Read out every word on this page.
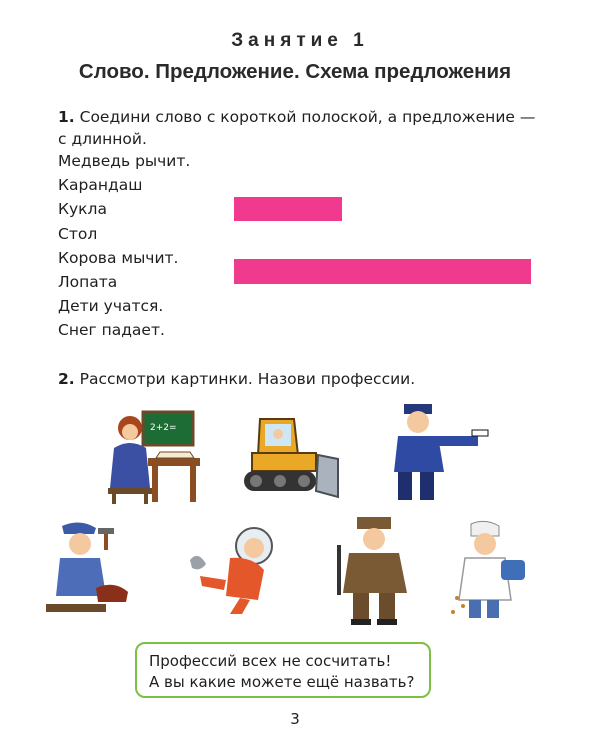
Занятие 1
Слово. Предложение. Схема предложения
1. Соедини слово с короткой полоской, а предложение — с длинной.
Медведь рычит.
Карандаш
Кукла
Стол
Корова мычит.
Лопата
Дети учатся.
Снег падает.
2. Рассмотри картинки. Назови профессии.
2+2=
Профессий всех не сосчитать!
А вы какие можете ещё назвать?
3
